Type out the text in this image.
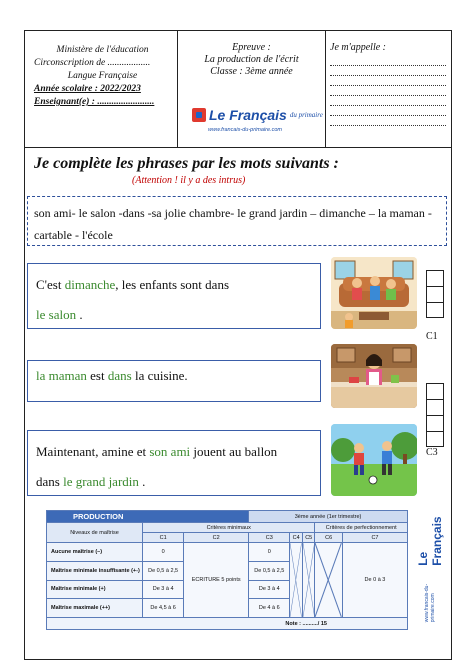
Ministère de l'éducation
Circonscription de ..................
Langue Française
Année scolaire : 2022/2023
Enseignant(e) : ........................
Epreuve :
La production de l'écrit
Classe : 3ème année
Le Français du primaire
www.francais-du-primaire.com
Je m'appelle :
Je complète les phrases par les mots suivants :
(Attention ! il y a des intrus)
son ami- le salon -dans -sa jolie chambre- le grand jardin – dimanche – la maman -cartable - l'école
C'est dimanche, les enfants sont dans
le salon .
la maman est dans la cuisine.
Maintenant, amine et son ami jouent au ballon
dans le grand jardin .
C1
C3
PRODUCTION			3ème année (1er trimestre)				
Niveaux de maîtrise	Critères minimaux					Critères de perfectionnement	
	C1	C2	C3	C4	C5	C6	C7
Aucune maîtrise (–)	0	ECRITURE 5 points	0				De 0 à 3
Maîtrise minimale insuffisante (+-)	De 0,5 à 2,5		De 0,5 à 2,5				
Maîtrise minimale (+)	De 3 à 4		De 3 à 4				
Maîtrise maximale (++)	De 4,5 à 6		De 4 à 6				
Note : ........../ 15							
Le Français
www.francais-du-primaire.com
